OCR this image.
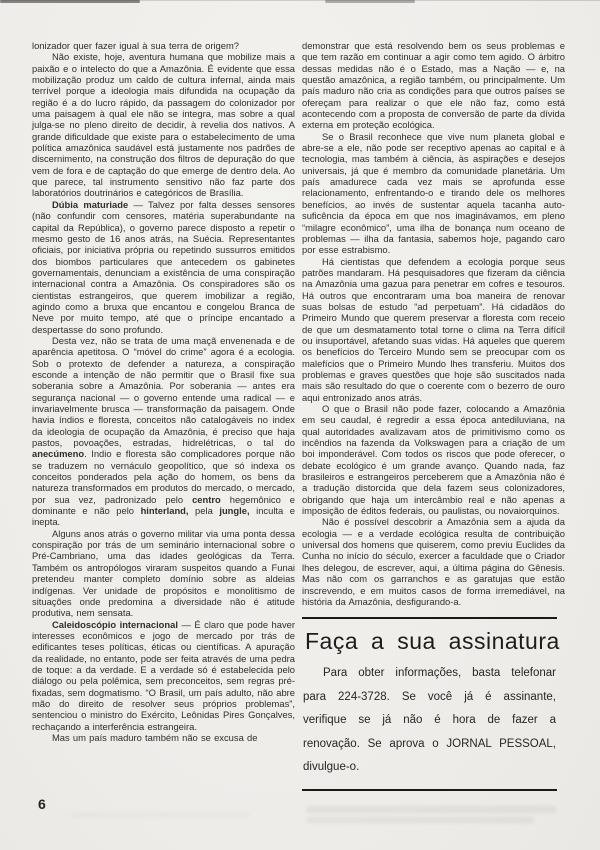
lonizador quer fazer igual à sua terra de origem?

Não existe, hoje, aventura humana que mobilize mais a paixão e o intelecto do que a Amazônia. É evidente que essa mobilização produz um caldo de cultura infernal, ainda mais terrível porque a ideologia mais difundida na ocupação da região é a do lucro rápido, da passagem do colonizador por uma paisagem à qual ele não se integra, mas sobre a qual julga-se no pleno direito de decidir, à revelia dos nativos. A grande dificuldade que existe para o estabelecimento de uma política amazônica saudável está justamente nos padrões de discernimento, na construção dos filtros de depuração do que vem de fora e de captação do que emerge de dentro dela. Ao que parece, tal instrumento sensitivo não faz parte dos laboratórios doutrinários e categóricos de Brasília.

Dúbia maturiade — Talvez por falta desses sensores (não confundir com censores, matéria superabundante na capital da República), o governo parece disposto a repetir o mesmo gesto de 16 anos atrás, na Suécia. Representantes oficiais, por iniciativa própria ou repetindo sussurros emitidos dos biombos particulares que antecedem os gabinetes governamentais, denunciam a existência de uma conspiração internacional contra a Amazônia. Os conspiradores são os cientistas estrangeiros, que querem imobilizar a região, agindo como a bruxa que encantou e congelou Branca de Neve por muito tempo, até que o príncipe encantado a despertasse do sono profundo.

Desta vez, não se trata de uma maçã envenenada e de aparência apetitosa. O “móvel do crime” agora é a ecologia. Sob o protexto de defender a natureza, a conspiração esconde a intenção de não permitir que o Brasil fixe sua soberania sobre a Amazônia. Por soberania — antes era segurança nacional — o governo entende uma radical — e invariavelmente brusca — transformação da paisagem. Onde havia índios e floresta, conceitos não catalogáveis no index da ideologia de ocupação da Amazônia, é preciso que haja pastos, povoações, estradas, hidrelétricas, o tal do anecúmeno. Indio e floresta são complicadores porque não se traduzem no vernáculo geopolítico, que só indexa os conceitos ponderados pela ação do homem, os bens da natureza transformados em produtos do mercado, o mercado, por sua vez, padronizado pelo centro hegemônico e dominante e não pelo hinterland, pela jungle, inculta e inepta.

Alguns anos atrás o governo militar via uma ponta dessa conspiração por trás de um seminário internacional sobre o Pré-Cambriano, uma das idades geológicas da Terra. Também os antropólogos viraram suspeitos quando a Funai pretendeu manter completo domínio sobre as aldeias indígenas. Ver unidade de propósitos e monolitismo de situações onde predomina a diversidade não é atitude produtiva, nem sensata.

Caleidoscópio internacional — É claro que pode haver interesses econômicos e jogo de mercado por trás de edificantes teses políticas, éticas ou científicas. A apuração da realidade, no entanto, pode ser feita através de uma pedra de toque: a da verdade. E a verdade só é estabelecida pelo diálogo ou pela polêmica, sem preconceitos, sem regras pré-fixadas, sem dogmatismo. “O Brasil, um país adulto, não abre mão do direito de resolver seus próprios problemas”, sentenciou o ministro do Exército, Leônidas Pires Gonçalves, rechaçando a interferência estrangeira.

Mas um país maduro também não se excusa de

demonstrar que está resolvendo bem os seus problemas e que tem razão em continuar a agir como tem agido. O árbitro dessas medidas não é o Estado, mas a Nação — e, na questão amazônica, a região também, ou principalmente. Um país maduro não cria as condições para que outros países se ofereçam para realizar o que ele não faz, como está acontecendo com a proposta de conversão de parte da dívida externa em proteção ecológica.

Se o Brasil reconhece que vive num planeta global e abre-se a ele, não pode ser receptivo apenas ao capital e à tecnologia, mas também à ciência, às aspirações e desejos universais, já que é membro da comunidade planetária. Um país amadurece cada vez mais se aprofunda esse relacionamento, enfrentando-o e tirando dele os melhores benefícios, ao invés de sustentar aquela tacanha auto-suficência da época em que nos imaginávamos, em pleno “milagre econômico”, uma ilha de bonança num oceano de problemas — ilha da fantasia, sabemos hoje, pagando caro por esse estrabismo.

Há cientistas que defendem a ecologia porque seus patrões mandaram. Há pesquisadores que fizeram da ciência na Amazônia uma gazua para penetrar em cofres e tesouros. Há outros que encontraram uma boa maneira de renovar suas bolsas de estudo “ad perpetuam”. Há cidadãos do Primeiro Mundo que querem preservar a floresta com receio de que um desmatamento total torne o clima na Terra difícil ou insuportável, afetando suas vidas. Há aqueles que querem os benefícios do Terceiro Mundo sem se preocupar com os malefícios que o Primeiro Mundo lhes transferiu. Muitos dos problemas e graves questões que hoje são suscitados nada mais são resultado do que o coerente com o bezerro de ouro aqui entronizado anos atrás.

O que o Brasil não pode fazer, colocando a Amazônia em seu caudal, é regredir a essa época antediluviana, na qual autoridades avalizavam atos de primitivismo como os incêndios na fazenda da Volkswagen para a criação de um boi imponderável. Com todos os riscos que pode oferecer, o debate ecológico é um grande avanço. Quando nada, faz brasileiros e estrangeiros perceberem que a Amazônia não é a tradução distorcida que dela fazem seus colonizadores, obrigando que haja um intercâmbio real e não apenas a imposição de éditos federais, ou paulistas, ou novaiorquinos.

Não é possível descobrir a Amazônia sem a ajuda da ecologia — e a verdade ecológica resulta de contribuição universal dos homens que quiserem, como previu Euclides da Cunha no início do século, exercer a faculdade que o Criador lhes delegou, de escrever, aqui, a última página do Gênesis. Mas não com os garranchos e as garatujas que estão inscrevendo, e em muitos casos de forma irremediável, na história da Amazônia, desfigurando-a.

Faça a sua assinatura

Para obter informações, basta telefonar para 224-3728. Se você já é assinante, verifique se já não é hora de fazer a renovação. Se aprova o JORNAL PESSOAL, divulgue-o.

6
